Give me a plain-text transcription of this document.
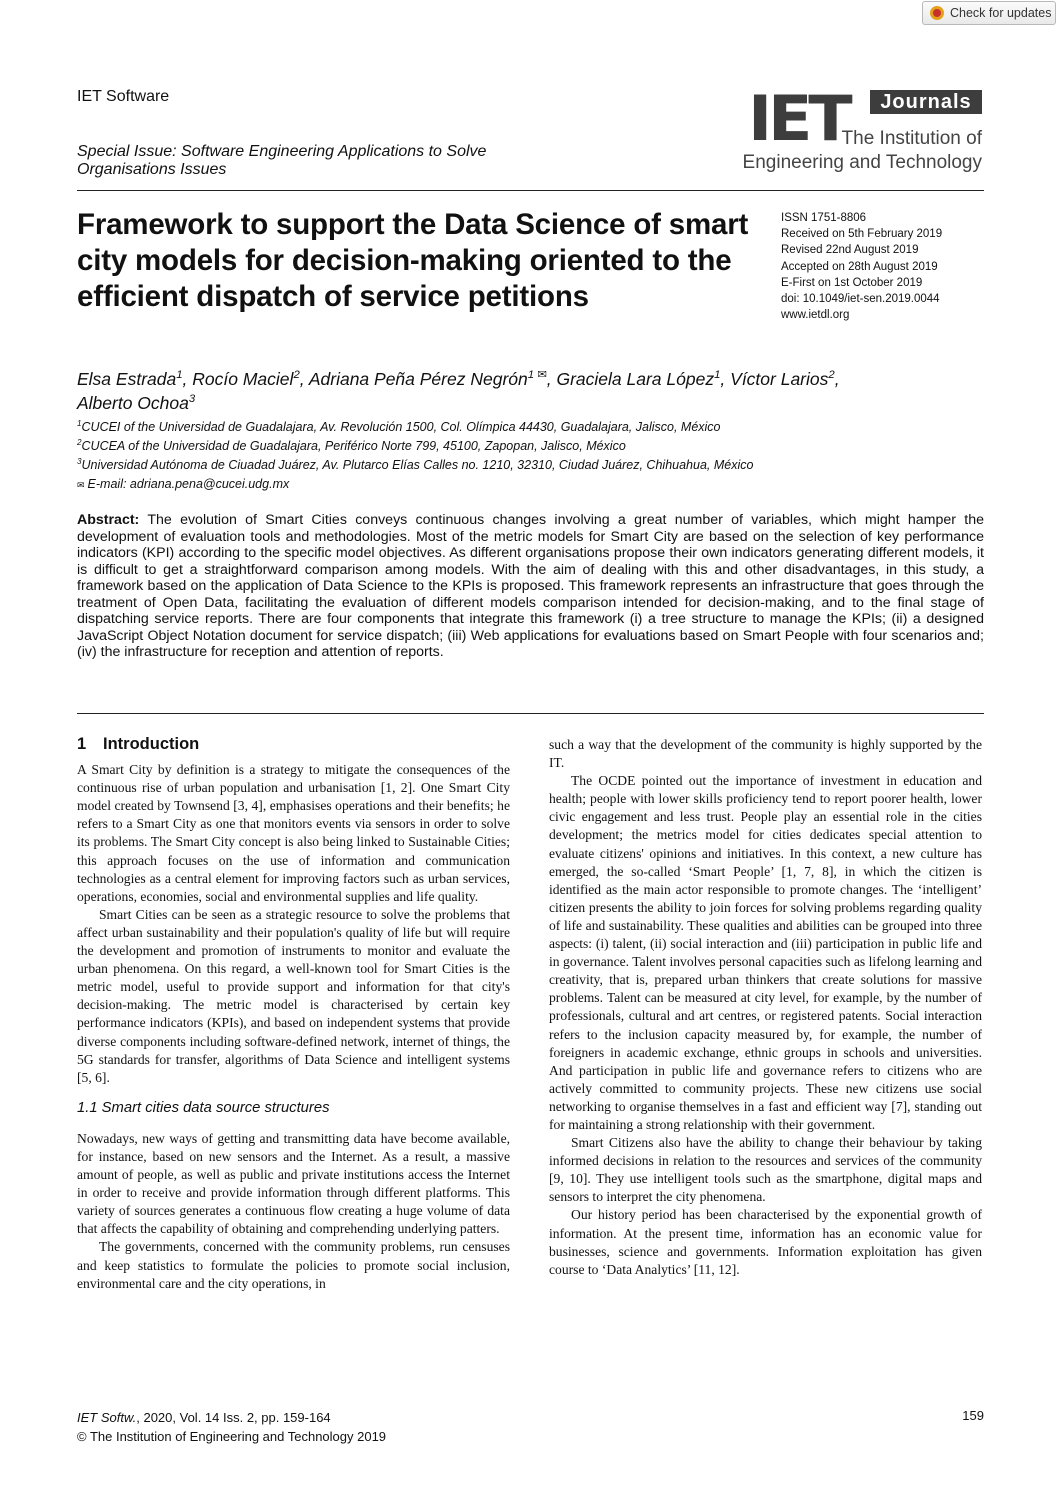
Check for updates
IET Software
Special Issue: Software Engineering Applications to Solve
Organisations Issues
IET	Journals
The Institution of
Engineering and Technology
Framework to support the Data Science of smart city models for decision-making oriented to the efficient dispatch of service petitions
ISSN 1751-8806
Received on 5th February 2019
Revised 22nd August 2019
Accepted on 28th August 2019
E-First on 1st October 2019
doi: 10.1049/iet-sen.2019.0044
www.ietdl.org
Elsa Estrada$^1$, Rocío Maciel$^2$, Adriana Peña Pérez Negrón$^{1 ✉}$, Graciela Lara López$^1$, Víctor Larios$^2$,
Alberto Ochoa$^3$
$^1$CUCEI of the Universidad de Guadalajara, Av. Revolución 1500, Col. Olímpica 44430, Guadalajara, Jalisco, México
$^2$CUCEA of the Universidad de Guadalajara, Periférico Norte 799, 45100, Zapopan, Jalisco, México
$^3$Universidad Autónoma de Ciuadad Juárez, Av. Plutarco Elías Calles no. 1210, 32310, Ciudad Juárez, Chihuahua, México
✉ E-mail: adriana.pena@cucei.udg.mx
Abstract: The evolution of Smart Cities conveys continuous changes involving a great number of variables, which might hamper the development of evaluation tools and methodologies. Most of the metric models for Smart City are based on the selection of key performance indicators (KPI) according to the specific model objectives. As different organisations propose their own indicators generating different models, it is difficult to get a straightforward comparison among models. With the aim of dealing with this and other disadvantages, in this study, a framework based on the application of Data Science to the KPIs is proposed. This framework represents an infrastructure that goes through the treatment of Open Data, facilitating the evaluation of different models comparison intended for decision-making, and to the final stage of dispatching service reports. There are four components that integrate this framework (i) a tree structure to manage the KPIs; (ii) a designed JavaScript Object Notation document for service dispatch; (iii) Web applications for evaluations based on Smart People with four scenarios and; (iv) the infrastructure for reception and attention of reports.
1 Introduction

A Smart City by definition is a strategy to mitigate the consequences of the continuous rise of urban population and urbanisation [1, 2]. One Smart City model created by Townsend [3, 4], emphasises operations and their benefits; he refers to a Smart City as one that monitors events via sensors in order to solve its problems. The Smart City concept is also being linked to Sustainable Cities; this approach focuses on the use of information and communication technologies as a central element for improving factors such as urban services, operations, economies, social and environmental supplies and life quality.

Smart Cities can be seen as a strategic resource to solve the problems that affect urban sustainability and their population's quality of life but will require the development and promotion of instruments to monitor and evaluate the urban phenomena. On this regard, a well-known tool for Smart Cities is the metric model, useful to provide support and information for that city's decision-making. The metric model is characterised by certain key performance indicators (KPIs), and based on independent systems that provide diverse components including software-defined network, internet of things, the 5G standards for transfer, algorithms of Data Science and intelligent systems [5, 6].

1.1 Smart cities data source structures

Nowadays, new ways of getting and transmitting data have become available, for instance, based on new sensors and the Internet. As a result, a massive amount of people, as well as public and private institutions access the Internet in order to receive and provide information through different platforms. This variety of sources generates a continuous flow creating a huge volume of data that affects the capability of obtaining and comprehending underlying patters.

The governments, concerned with the community problems, run censuses and keep statistics to formulate the policies to promote social inclusion, environmental care and the city operations, in

such a way that the development of the community is highly supported by the IT.

The OCDE pointed out the importance of investment in education and health; people with lower skills proficiency tend to report poorer health, lower civic engagement and less trust. People play an essential role in the cities development; the metrics model for cities dedicates special attention to evaluate citizens' opinions and initiatives. In this context, a new culture has emerged, the so-called ‘Smart People’ [1, 7, 8], in which the citizen is identified as the main actor responsible to promote changes. The ‘intelligent’ citizen presents the ability to join forces for solving problems regarding quality of life and sustainability. These qualities and abilities can be grouped into three aspects: (i) talent, (ii) social interaction and (iii) participation in public life and in governance. Talent involves personal capacities such as lifelong learning and creativity, that is, prepared urban thinkers that create solutions for massive problems. Talent can be measured at city level, for example, by the number of professionals, cultural and art centres, or registered patents. Social interaction refers to the inclusion capacity measured by, for example, the number of foreigners in academic exchange, ethnic groups in schools and universities. And participation in public life and governance refers to citizens who are actively committed to community projects. These new citizens use social networking to organise themselves in a fast and efficient way [7], standing out for maintaining a strong relationship with their government.

Smart Citizens also have the ability to change their behaviour by taking informed decisions in relation to the resources and services of the community [9, 10]. They use intelligent tools such as the smartphone, digital maps and sensors to interpret the city phenomena.

Our history period has been characterised by the exponential growth of information. At the present time, information has an economic value for businesses, science and governments. Information exploitation has given course to ‘Data Analytics’ [11, 12].

IET Softw., 2020, Vol. 14 Iss. 2, pp. 159-164
© The Institution of Engineering and Technology 2019
159
